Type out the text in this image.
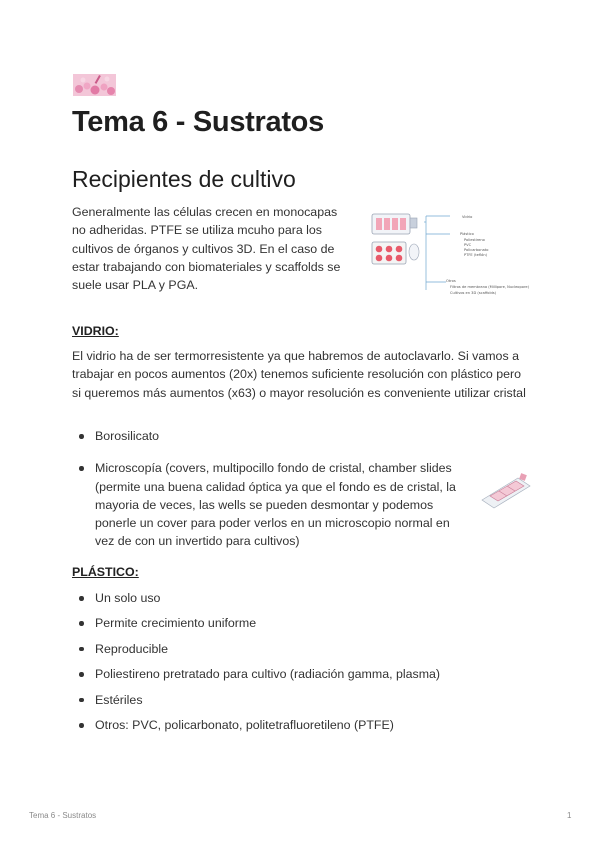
Tema 6 - Sustratos
Recipientes de cultivo

Generalmente las células crecen en monocapas no adheridas. PTFE se utiliza mcuho para los cultivos de órganos y cultivos 3D. En el caso de estar trabajando con biomateriales y scaffolds se suele usar PLA y PGA.

Vidrio
Plástico
Poliestireno
PVC
Policarbonato
PTFE (teflón)
Otros
Filtros de membrana (Millipore, Nucleopore)
Cultivos en 3D (scaffolds)
VIDRIO:

El vidrio ha de ser termorresistente ya que habremos de autoclavarlo. Si vamos a trabajar en pocos aumentos (20x) tenemos suficiente resolución con plástico pero si queremos más aumentos (x63) o mayor resolución es conveniente utilizar cristal

Borosilicato
Microscopía (covers, multipocillo fondo de cristal, chamber slides (permite una buena calidad óptica ya que el fondo es de cristal, la mayoria de veces, las wells se pueden desmontar y podemos ponerle un cover para poder verlos en un microscopio normal en vez de con un invertido para cultivos)
PLÁSTICO:
Un solo uso
Permite crecimiento uniforme
Reproducible
Poliestireno pretratado para cultivo (radiación gamma, plasma)
Estériles
Otros: PVC, policarbonato, politetrafluoretileno (PTFE)
Tema 6 - Sustratos	1
